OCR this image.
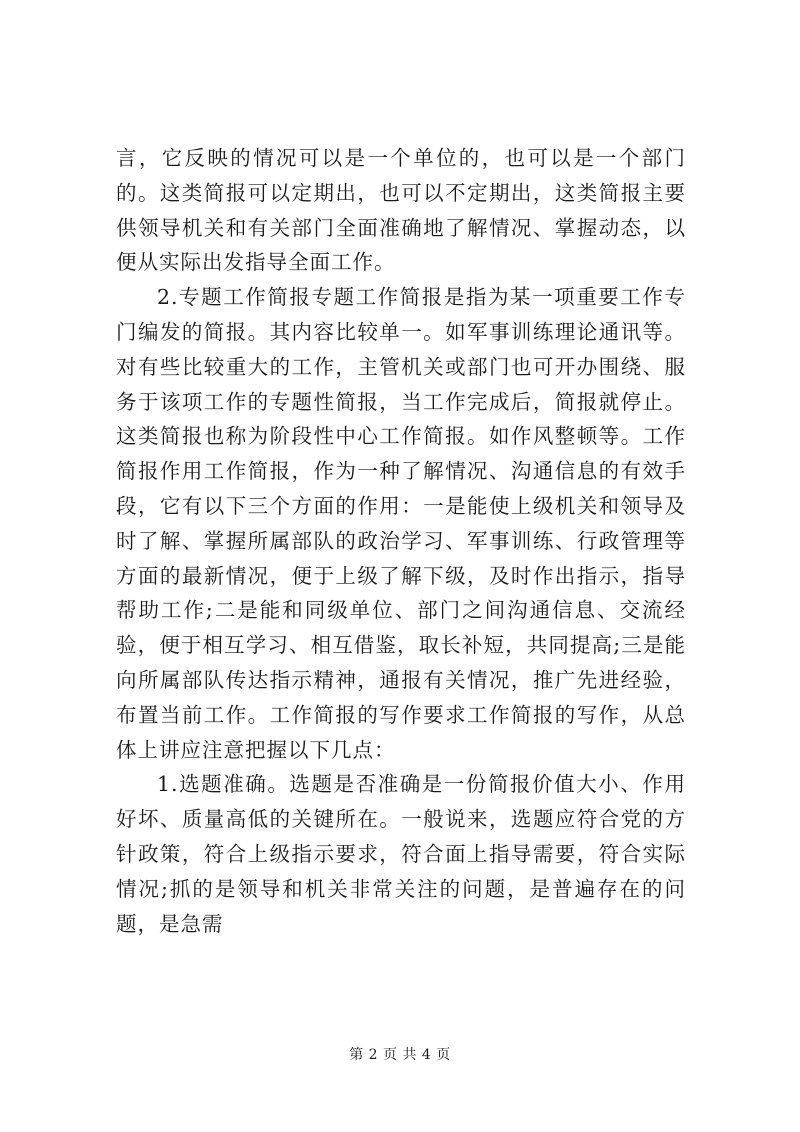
言，它反映的情况可以是一个单位的，也可以是一个部门的。这类简报可以定期出，也可以不定期出，这类简报主要供领导机关和有关部门全面准确地了解情况、掌握动态，以便从实际出发指导全面工作。

2.专题工作简报专题工作简报是指为某一项重要工作专门编发的简报。其内容比较单一。如军事训练理论通讯等。对有些比较重大的工作，主管机关或部门也可开办围绕、服务于该项工作的专题性简报，当工作完成后，简报就停止。这类简报也称为阶段性中心工作简报。如作风整顿等。工作简报作用工作简报，作为一种了解情况、沟通信息的有效手段，它有以下三个方面的作用：一是能使上级机关和领导及时了解、掌握所属部队的政治学习、军事训练、行政管理等方面的最新情况，便于上级了解下级，及时作出指示，指导帮助工作;二是能和同级单位、部门之间沟通信息、交流经验，便于相互学习、相互借鉴，取长补短，共同提高;三是能向所属部队传达指示精神，通报有关情况，推广先进经验，布置当前工作。工作简报的写作要求工作简报的写作，从总体上讲应注意把握以下几点：

1.选题准确。选题是否准确是一份简报价值大小、作用好坏、质量高低的关键所在。一般说来，选题应符合党的方针政策，符合上级指示要求，符合面上指导需要，符合实际情况;抓的是领导和机关非常关注的问题，是普遍存在的问题，是急需

第 2 页 共 4 页
